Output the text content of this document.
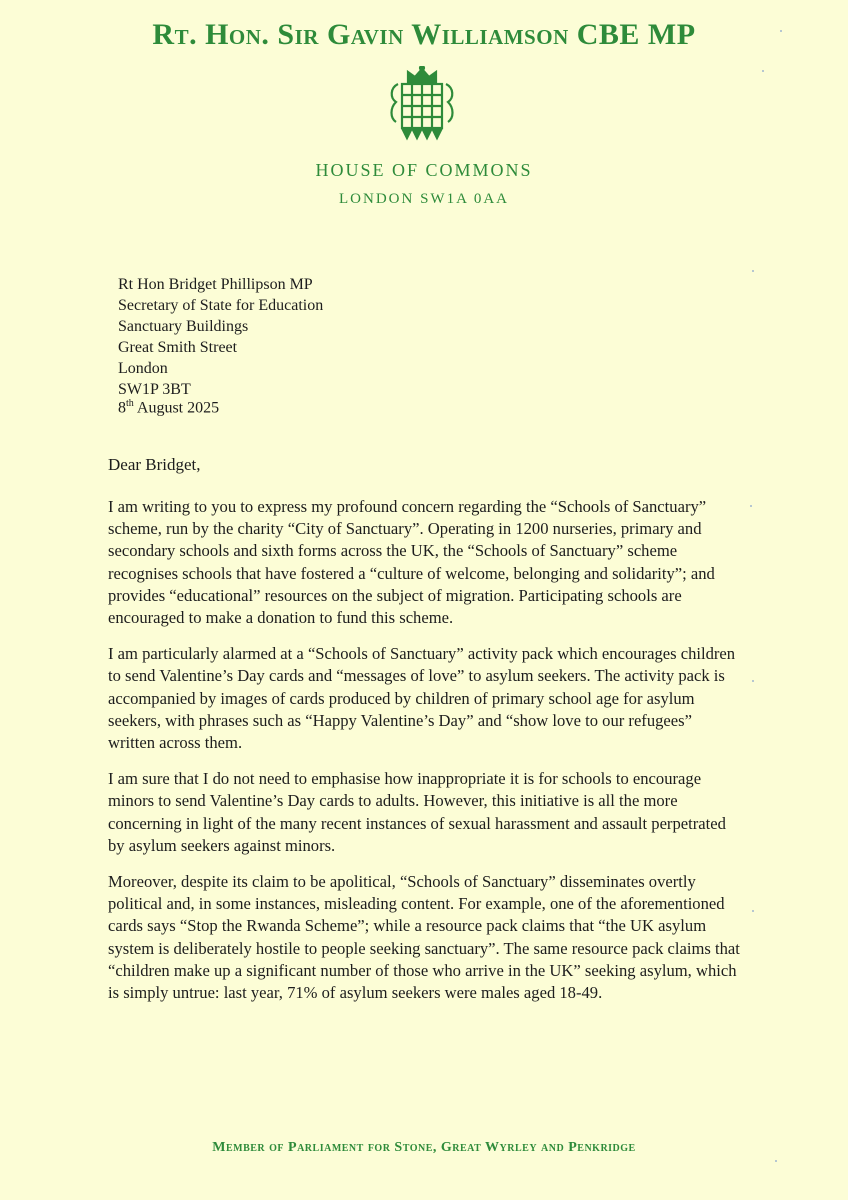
Rt. Hon. Sir Gavin Williamson CBE MP

HOUSE OF COMMONS

LONDON SW1A 0AA

Rt Hon Bridget Phillipson MP
Secretary of State for Education
Sanctuary Buildings
Great Smith Street
London
SW1P 3BT
8th August 2025
Dear Bridget,

I am writing to you to express my profound concern regarding the “Schools of Sanctuary” scheme, run by the charity “City of Sanctuary”. Operating in 1200 nurseries, primary and secondary schools and sixth forms across the UK, the “Schools of Sanctuary” scheme recognises schools that have fostered a “culture of welcome, belonging and solidarity”; and provides “educational” resources on the subject of migration. Participating schools are encouraged to make a donation to fund this scheme.

I am particularly alarmed at a “Schools of Sanctuary” activity pack which encourages children to send Valentine’s Day cards and “messages of love” to asylum seekers. The activity pack is accompanied by images of cards produced by children of primary school age for asylum seekers, with phrases such as “Happy Valentine’s Day” and “show love to our refugees” written across them.

I am sure that I do not need to emphasise how inappropriate it is for schools to encourage minors to send Valentine’s Day cards to adults. However, this initiative is all the more concerning in light of the many recent instances of sexual harassment and assault perpetrated by asylum seekers against minors.

Moreover, despite its claim to be apolitical, “Schools of Sanctuary” disseminates overtly political and, in some instances, misleading content. For example, one of the aforementioned cards says “Stop the Rwanda Scheme”; while a resource pack claims that “the UK asylum system is deliberately hostile to people seeking sanctuary”. The same resource pack claims that “children make up a significant number of those who arrive in the UK” seeking asylum, which is simply untrue: last year, 71% of asylum seekers were males aged 18-49.

Member of Parliament for Stone, Great Wyrley and Penkridge
